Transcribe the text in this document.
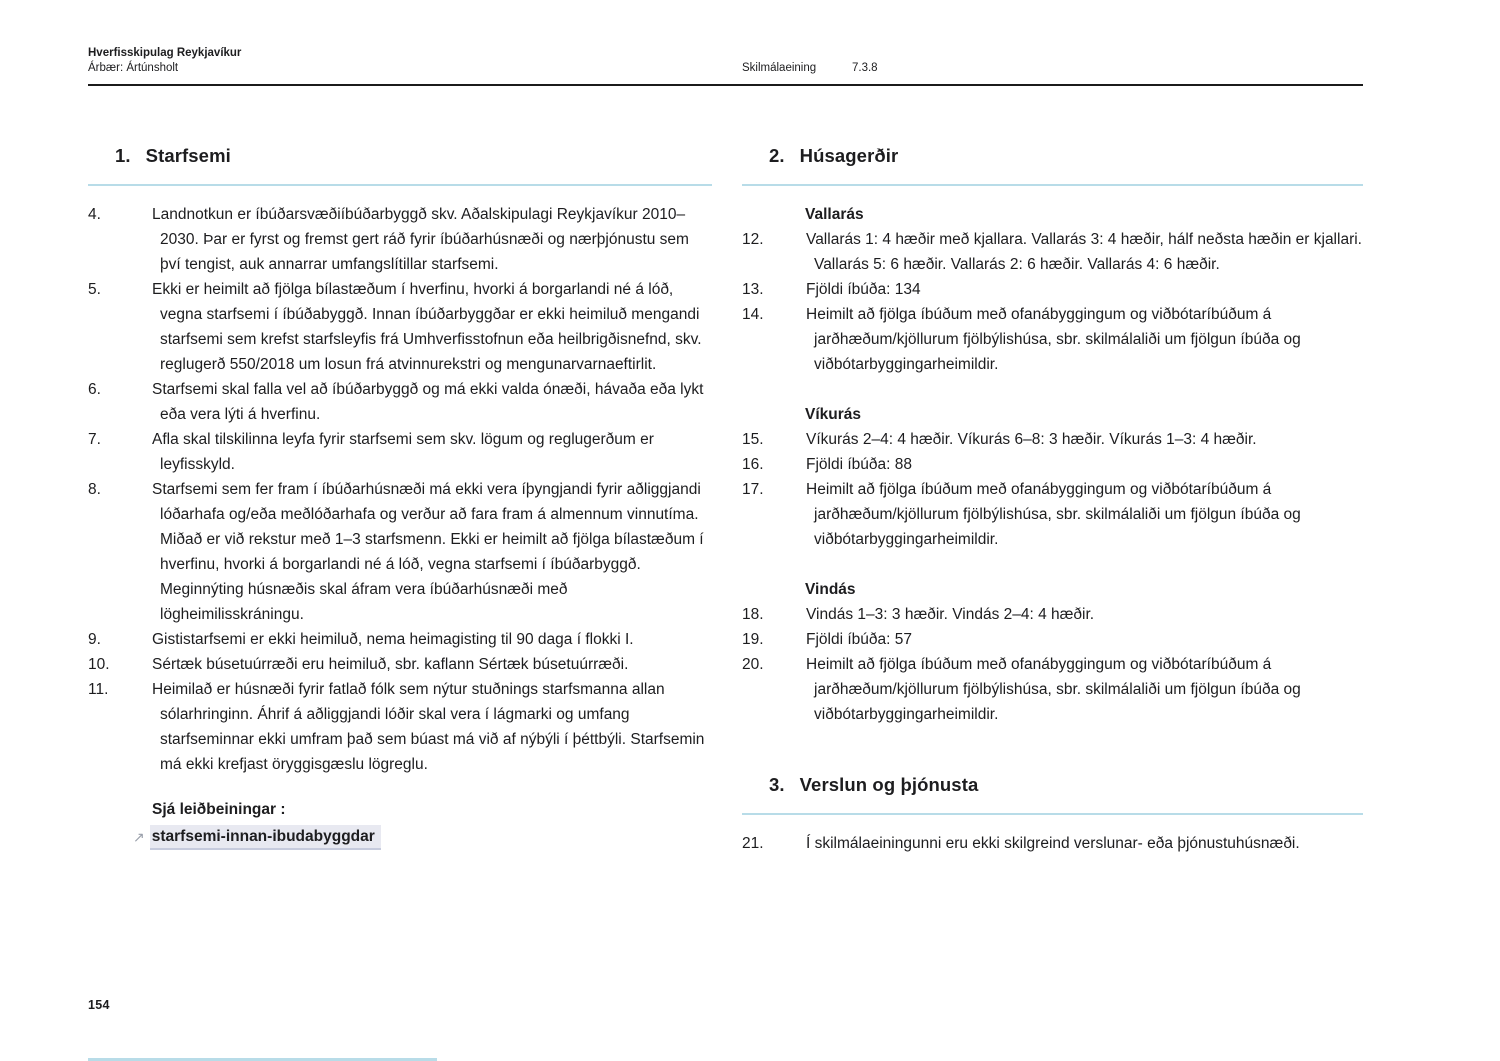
Hverfisskipulag Reykjavíkur
Árbær: Ártúnsholt	Skilmálaeining	7.3.8
1. Starfsemi
4.	Landnotkun er íbúðarsvæðiíbúðarbyggð skv. Aðalskipulagi Reykjavíkur 2010–2030. Þar er fyrst og fremst gert ráð fyrir íbúðarhúsnæði og nærþjónustu sem því tengist, auk annarrar umfangslítillar starfsemi.

5.	Ekki er heimilt að fjölga bílastæðum í hverfinu, hvorki á borgarlandi né á lóð, vegna starfsemi í íbúðabyggð. Innan íbúðarbyggðar er ekki heimiluð mengandi starfsemi sem krefst starfsleyfis frá Umhverfisstofnun eða heilbrigðisnefnd, skv. reglugerð 550/2018 um losun frá atvinnurekstri og mengunarvarnaeftirlit.

6.	Starfsemi skal falla vel að íbúðarbyggð og má ekki valda ónæði, hávaða eða lykt eða vera lýti á hverfinu.

7.	Afla skal tilskilinna leyfa fyrir starfsemi sem skv. lögum og reglugerðum er leyfisskyld.

8.	Starfsemi sem fer fram í íbúðarhúsnæði má ekki vera íþyngjandi fyrir aðliggjandi lóðarhafa og/eða meðlóðarhafa og verður að fara fram á almennum vinnutíma. Miðað er við rekstur með 1–3 starfsmenn. Ekki er heimilt að fjölga bílastæðum í hverfinu, hvorki á borgarlandi né á lóð, vegna starfsemi í íbúðarbyggð. Meginnýting húsnæðis skal áfram vera íbúðarhúsnæði með lögheimilisskráningu.

9.	Gististarfsemi er ekki heimiluð, nema heimagisting til 90 daga í flokki I.

10.	Sértæk búsetuúrræði eru heimiluð, sbr. kaflann Sértæk búsetuúrræði.

11.	Heimilað er húsnæði fyrir fatlað fólk sem nýtur stuðnings starfsmanna allan sólarhringinn. Áhrif á aðliggjandi lóðir skal vera í lágmarki og umfang starfseminnar ekki umfram það sem búast má við af nýbýli í þéttbýli. Starfsemin má ekki krefjast öryggisgæslu lögreglu.

Sjá leiðbeiningar :

↗ starfsemi-innan-ibudabyggdar
2. Húsagerðir

Vallarás

12.	Vallarás 1: 4 hæðir með kjallara. Vallarás 3: 4 hæðir, hálf neðsta hæðin er kjallari. Vallarás 5: 6 hæðir. Vallarás 2: 6 hæðir. Vallarás 4: 6 hæðir.

13.	Fjöldi íbúða: 134

14.	Heimilt að fjölga íbúðum með ofanábyggingum og viðbótaríbúðum á jarðhæðum/kjöllurum fjölbýlishúsa, sbr. skilmálaliði um fjölgun íbúða og viðbótarbyggingarheimildir.

Víkurás

15.	Víkurás 2–4: 4 hæðir. Víkurás 6–8: 3 hæðir. Víkurás 1–3: 4 hæðir.

16.	Fjöldi íbúða: 88

17.	Heimilt að fjölga íbúðum með ofanábyggingum og viðbótaríbúðum á jarðhæðum/kjöllurum fjölbýlishúsa, sbr. skilmálaliði um fjölgun íbúða og viðbótarbyggingarheimildir.

Vindás

18.	Vindás 1–3: 3 hæðir. Vindás 2–4: 4 hæðir.

19.	Fjöldi íbúða: 57

20.	Heimilt að fjölga íbúðum með ofanábyggingum og viðbótaríbúðum á jarðhæðum/kjöllurum fjölbýlishúsa, sbr. skilmálaliði um fjölgun íbúða og viðbótarbyggingarheimildir.

3. Verslun og þjónusta
21.	Í skilmálaeiningunni eru ekki skilgreind verslunar- eða þjónustuhúsnæði.

154
